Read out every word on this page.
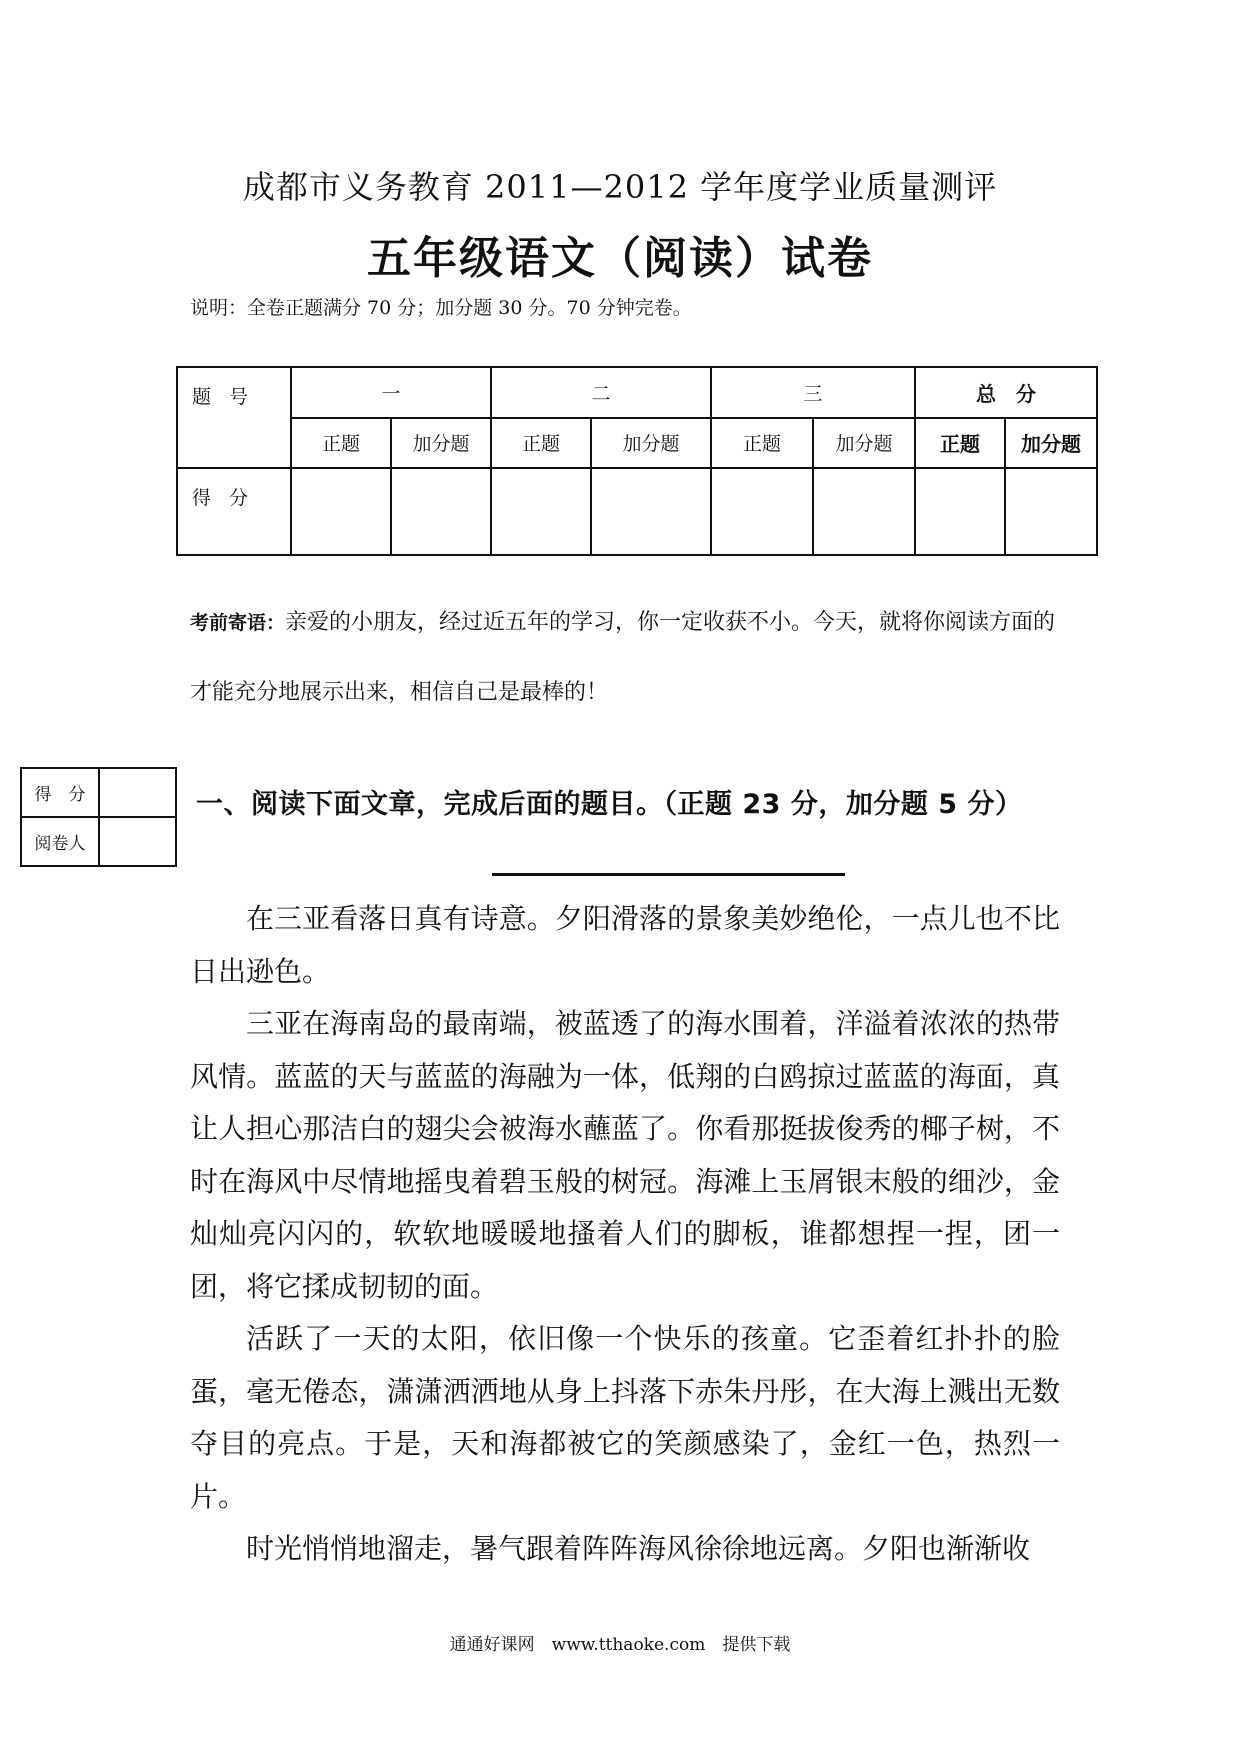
成都市义务教育 2011—2012 学年度学业质量测评
五年级语文（阅读）试卷
说明：全卷正题满分 70 分；加分题 30 分。70 分钟完卷。
题 号	一		二		三		总　分	
	正题	加分题	正题	加分题	正题	加分题	正题	加分题
得 分								
考前寄语：亲爱的小朋友，经过近五年的学习，你一定收获不小。今天，就将你阅读方面的才能充分地展示出来，相信自己是最棒的！
得　分	
阅卷人	
一、阅读下面文章，完成后面的题目。（正题 23 分，加分题 5 分）

在三亚看落日真有诗意。夕阳滑落的景象美妙绝伦，一点儿也不比日出逊色。

三亚在海南岛的最南端，被蓝透了的海水围着，洋溢着浓浓的热带风情。蓝蓝的天与蓝蓝的海融为一体，低翔的白鸥掠过蓝蓝的海面，真让人担心那洁白的翅尖会被海水蘸蓝了。你看那挺拔俊秀的椰子树，不时在海风中尽情地摇曳着碧玉般的树冠。海滩上玉屑银末般的细沙，金灿灿亮闪闪的，软软地暖暖地搔着人们的脚板，谁都想捏一捏，团一团，将它揉成韧韧的面。

活跃了一天的太阳，依旧像一个快乐的孩童。它歪着红扑扑的脸蛋，毫无倦态，潇潇洒洒地从身上抖落下赤朱丹彤，在大海上溅出无数夺目的亮点。于是，天和海都被它的笑颜感染了，金红一色，热烈一片。

时光悄悄地溜走，暑气跟着阵阵海风徐徐地远离。夕阳也渐渐收

通通好课网　www.tthaoke.com　提供下载
